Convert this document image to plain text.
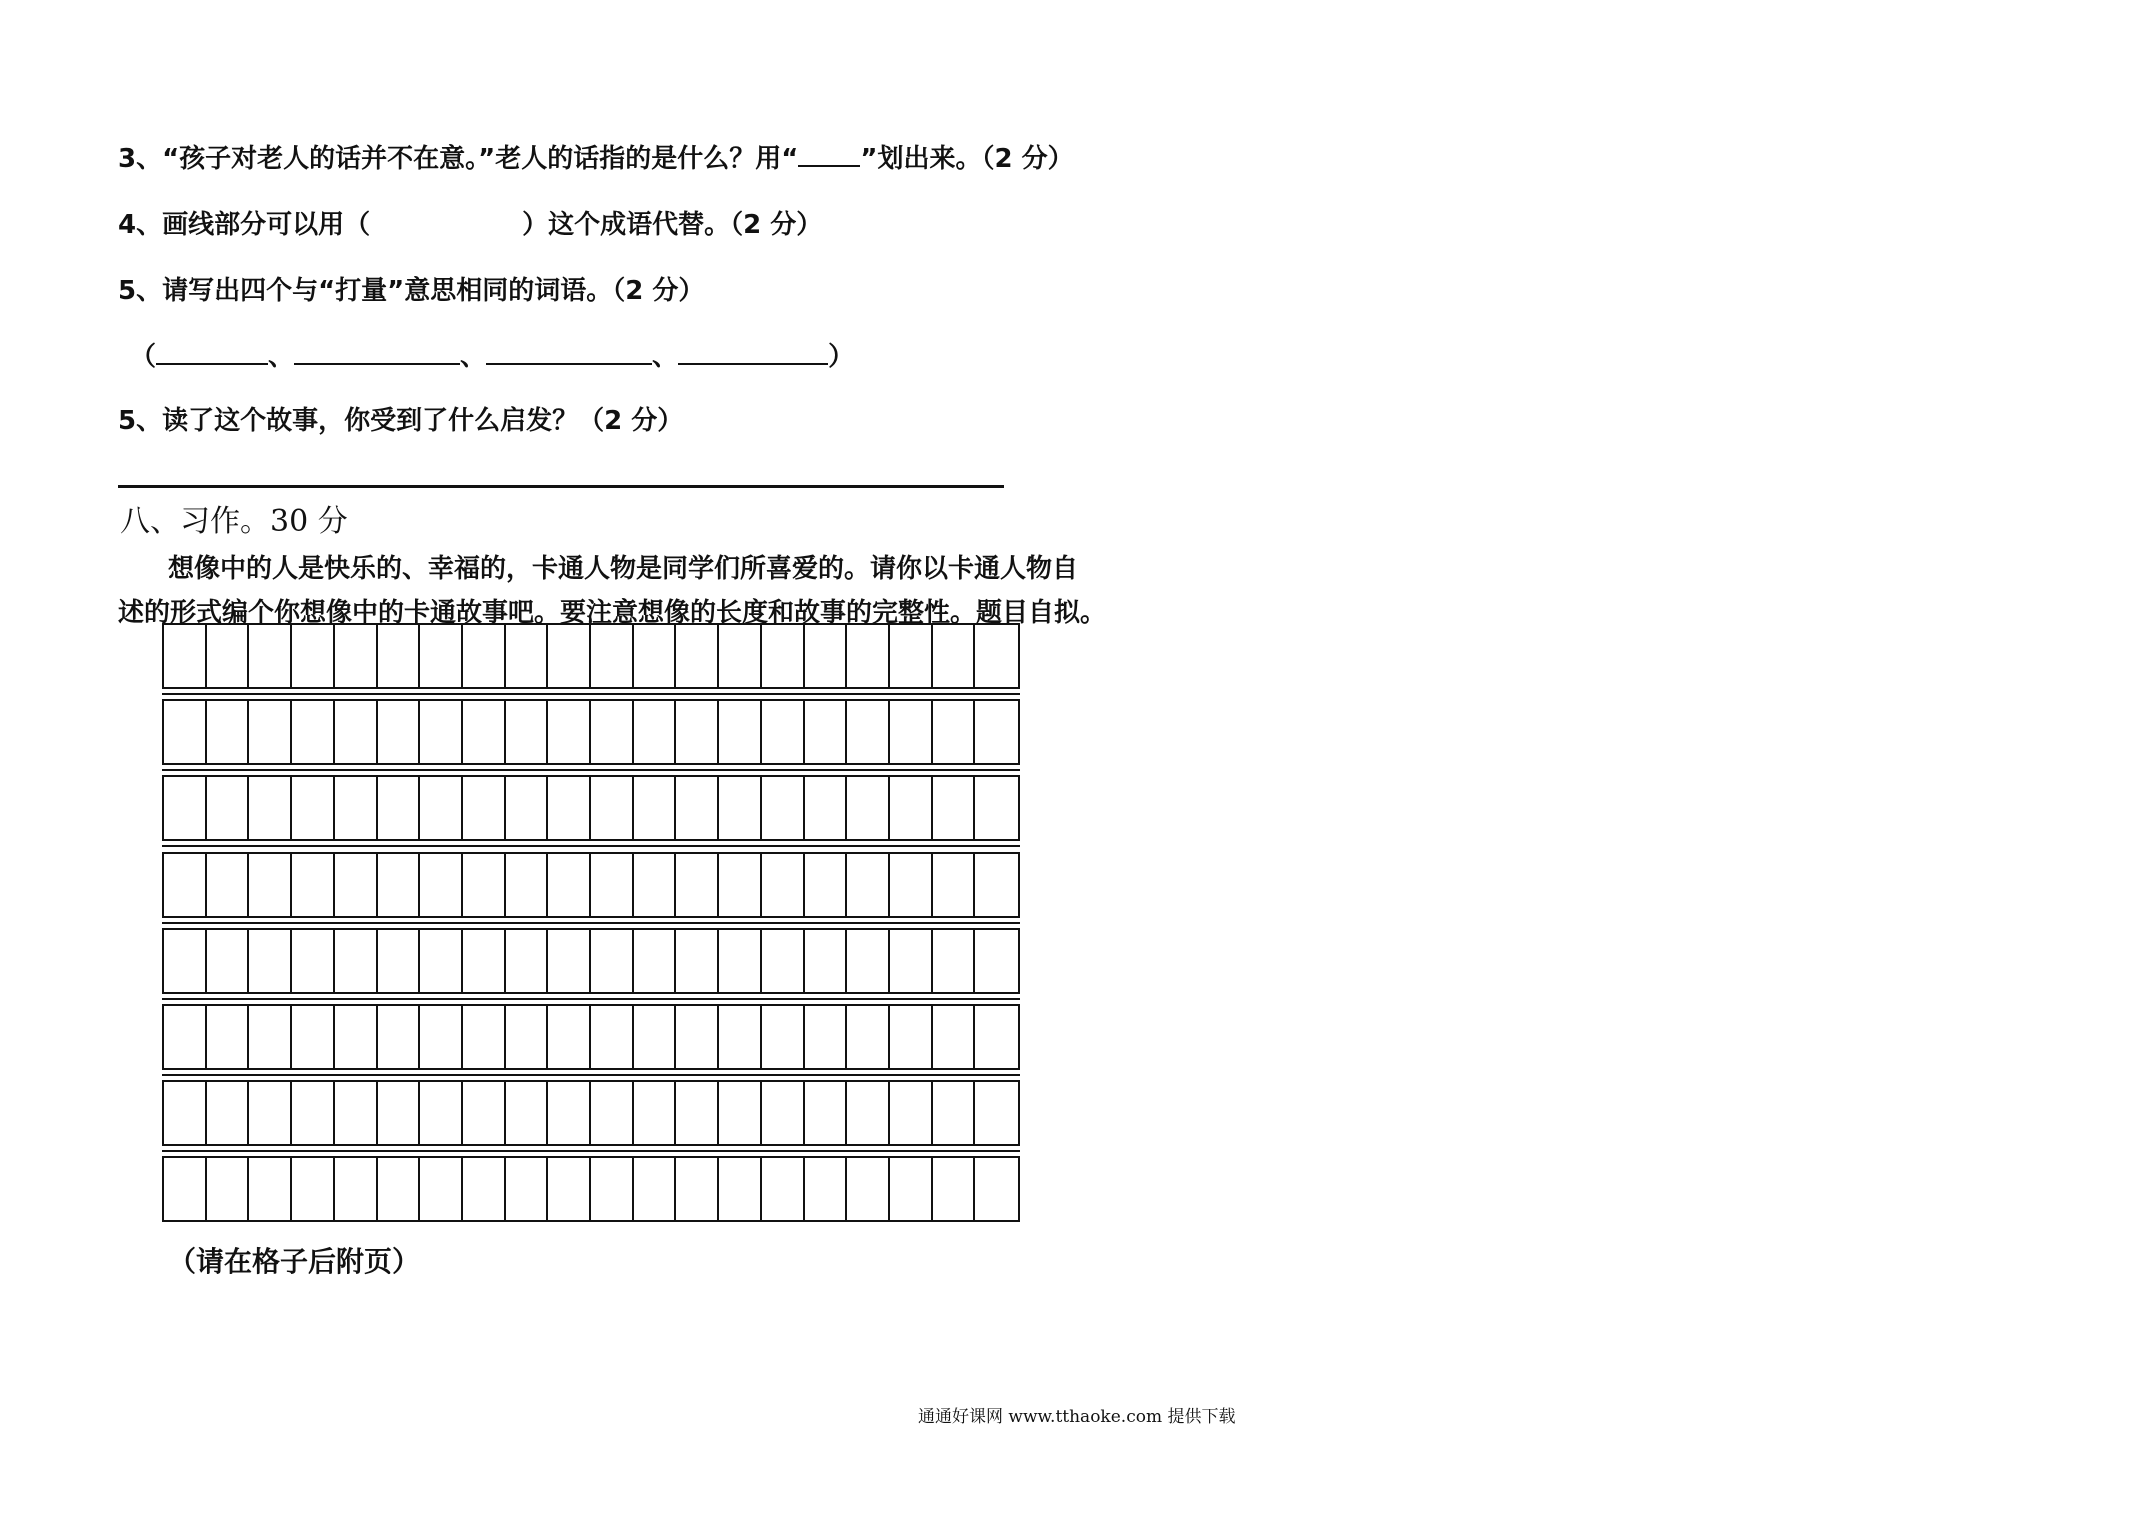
3、“孩子对老人的话并不在意。”老人的话指的是什么？用“ ”划出来。（2 分）
4、画线部分可以用（	）这个成语代替。（2 分）
5、请写出四个与“打量”意思相同的词语。（2 分）
（	、	、	、	）
5、读了这个故事，你受到了什么启发？（2 分）
八、习作。30 分
想像中的人是快乐的、幸福的，卡通人物是同学们所喜爱的。请你以卡通人物自
述的形式编个你想像中的卡通故事吧。要注意想像的长度和故事的完整性。题目自拟。
（请在格子后附页）
通通好课网 www.tthaoke.com 提供下载
